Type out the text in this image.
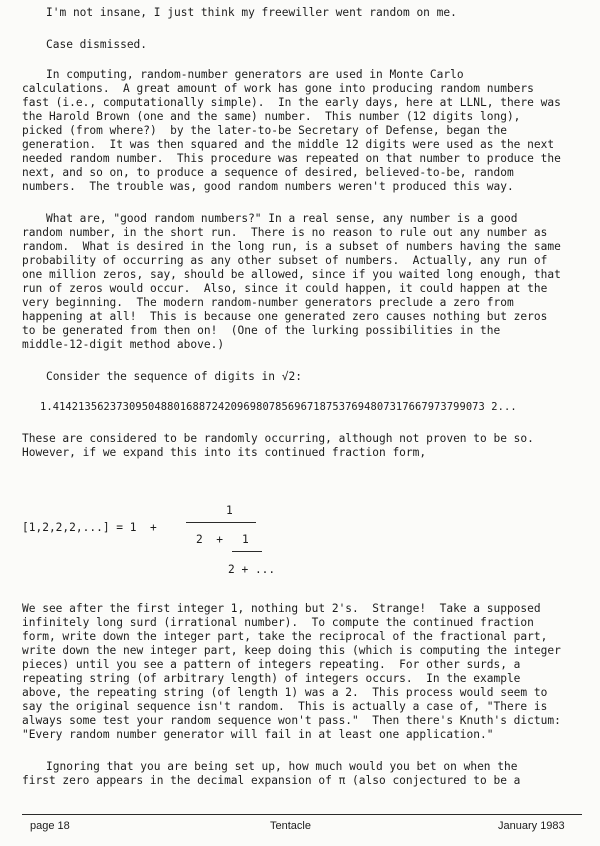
I'm not insane, I just think my freewiller went random on me.
Case dismissed.
In computing, random-number generators are used in Monte Carlo
calculations.  A great amount of work has gone into producing random numbers
fast (i.e., computationally simple).  In the early days, here at LLNL, there was
the Harold Brown (one and the same) number.  This number (12 digits long),
picked (from where?)  by the later-to-be Secretary of Defense, began the
generation.  It was then squared and the middle 12 digits were used as the next
needed random number.  This procedure was repeated on that number to produce the
next, and so on, to produce a sequence of desired, believed-to-be, random
numbers.  The trouble was, good random numbers weren't produced this way.
What are, "good random numbers?" In a real sense, any number is a good
random number, in the short run.  There is no reason to rule out any number as
random.  What is desired in the long run, is a subset of numbers having the same
probability of occurring as any other subset of numbers.  Actually, any run of
one million zeros, say, should be allowed, since if you waited long enough, that
run of zeros would occur.  Also, since it could happen, it could happen at the
very beginning.  The modern random-number generators preclude a zero from
happening at all!  This is because one generated zero causes nothing but zeros
to be generated from then on!  (One of the lurking possibilities in the
middle-12-digit method above.)
Consider the sequence of digits in √2:
1.41421356237309504880168872420969807856967187537694807317667973799073 2...
These are considered to be randomly occurring, although not proven to be so.
However, if we expand this into its continued fraction form,
[1,2,2,2,...] = 1  +
1
2  + 1
2 + ...
We see after the first integer 1, nothing but 2's.  Strange!  Take a supposed
infinitely long surd (irrational number).  To compute the continued fraction
form, write down the integer part, take the reciprocal of the fractional part,
write down the new integer part, keep doing this (which is computing the integer
pieces) until you see a pattern of integers repeating.  For other surds, a
repeating string (of arbitrary length) of integers occurs.  In the example
above, the repeating string (of length 1) was a 2.  This process would seem to
say the original sequence isn't random.  This is actually a case of, "There is
always some test your random sequence won't pass."  Then there's Knuth's dictum:
"Every random number generator will fail in at least one application."
Ignoring that you are being set up, how much would you bet on when the
first zero appears in the decimal expansion of π (also conjectured to be a
page 18	Tentacle	January 1983
